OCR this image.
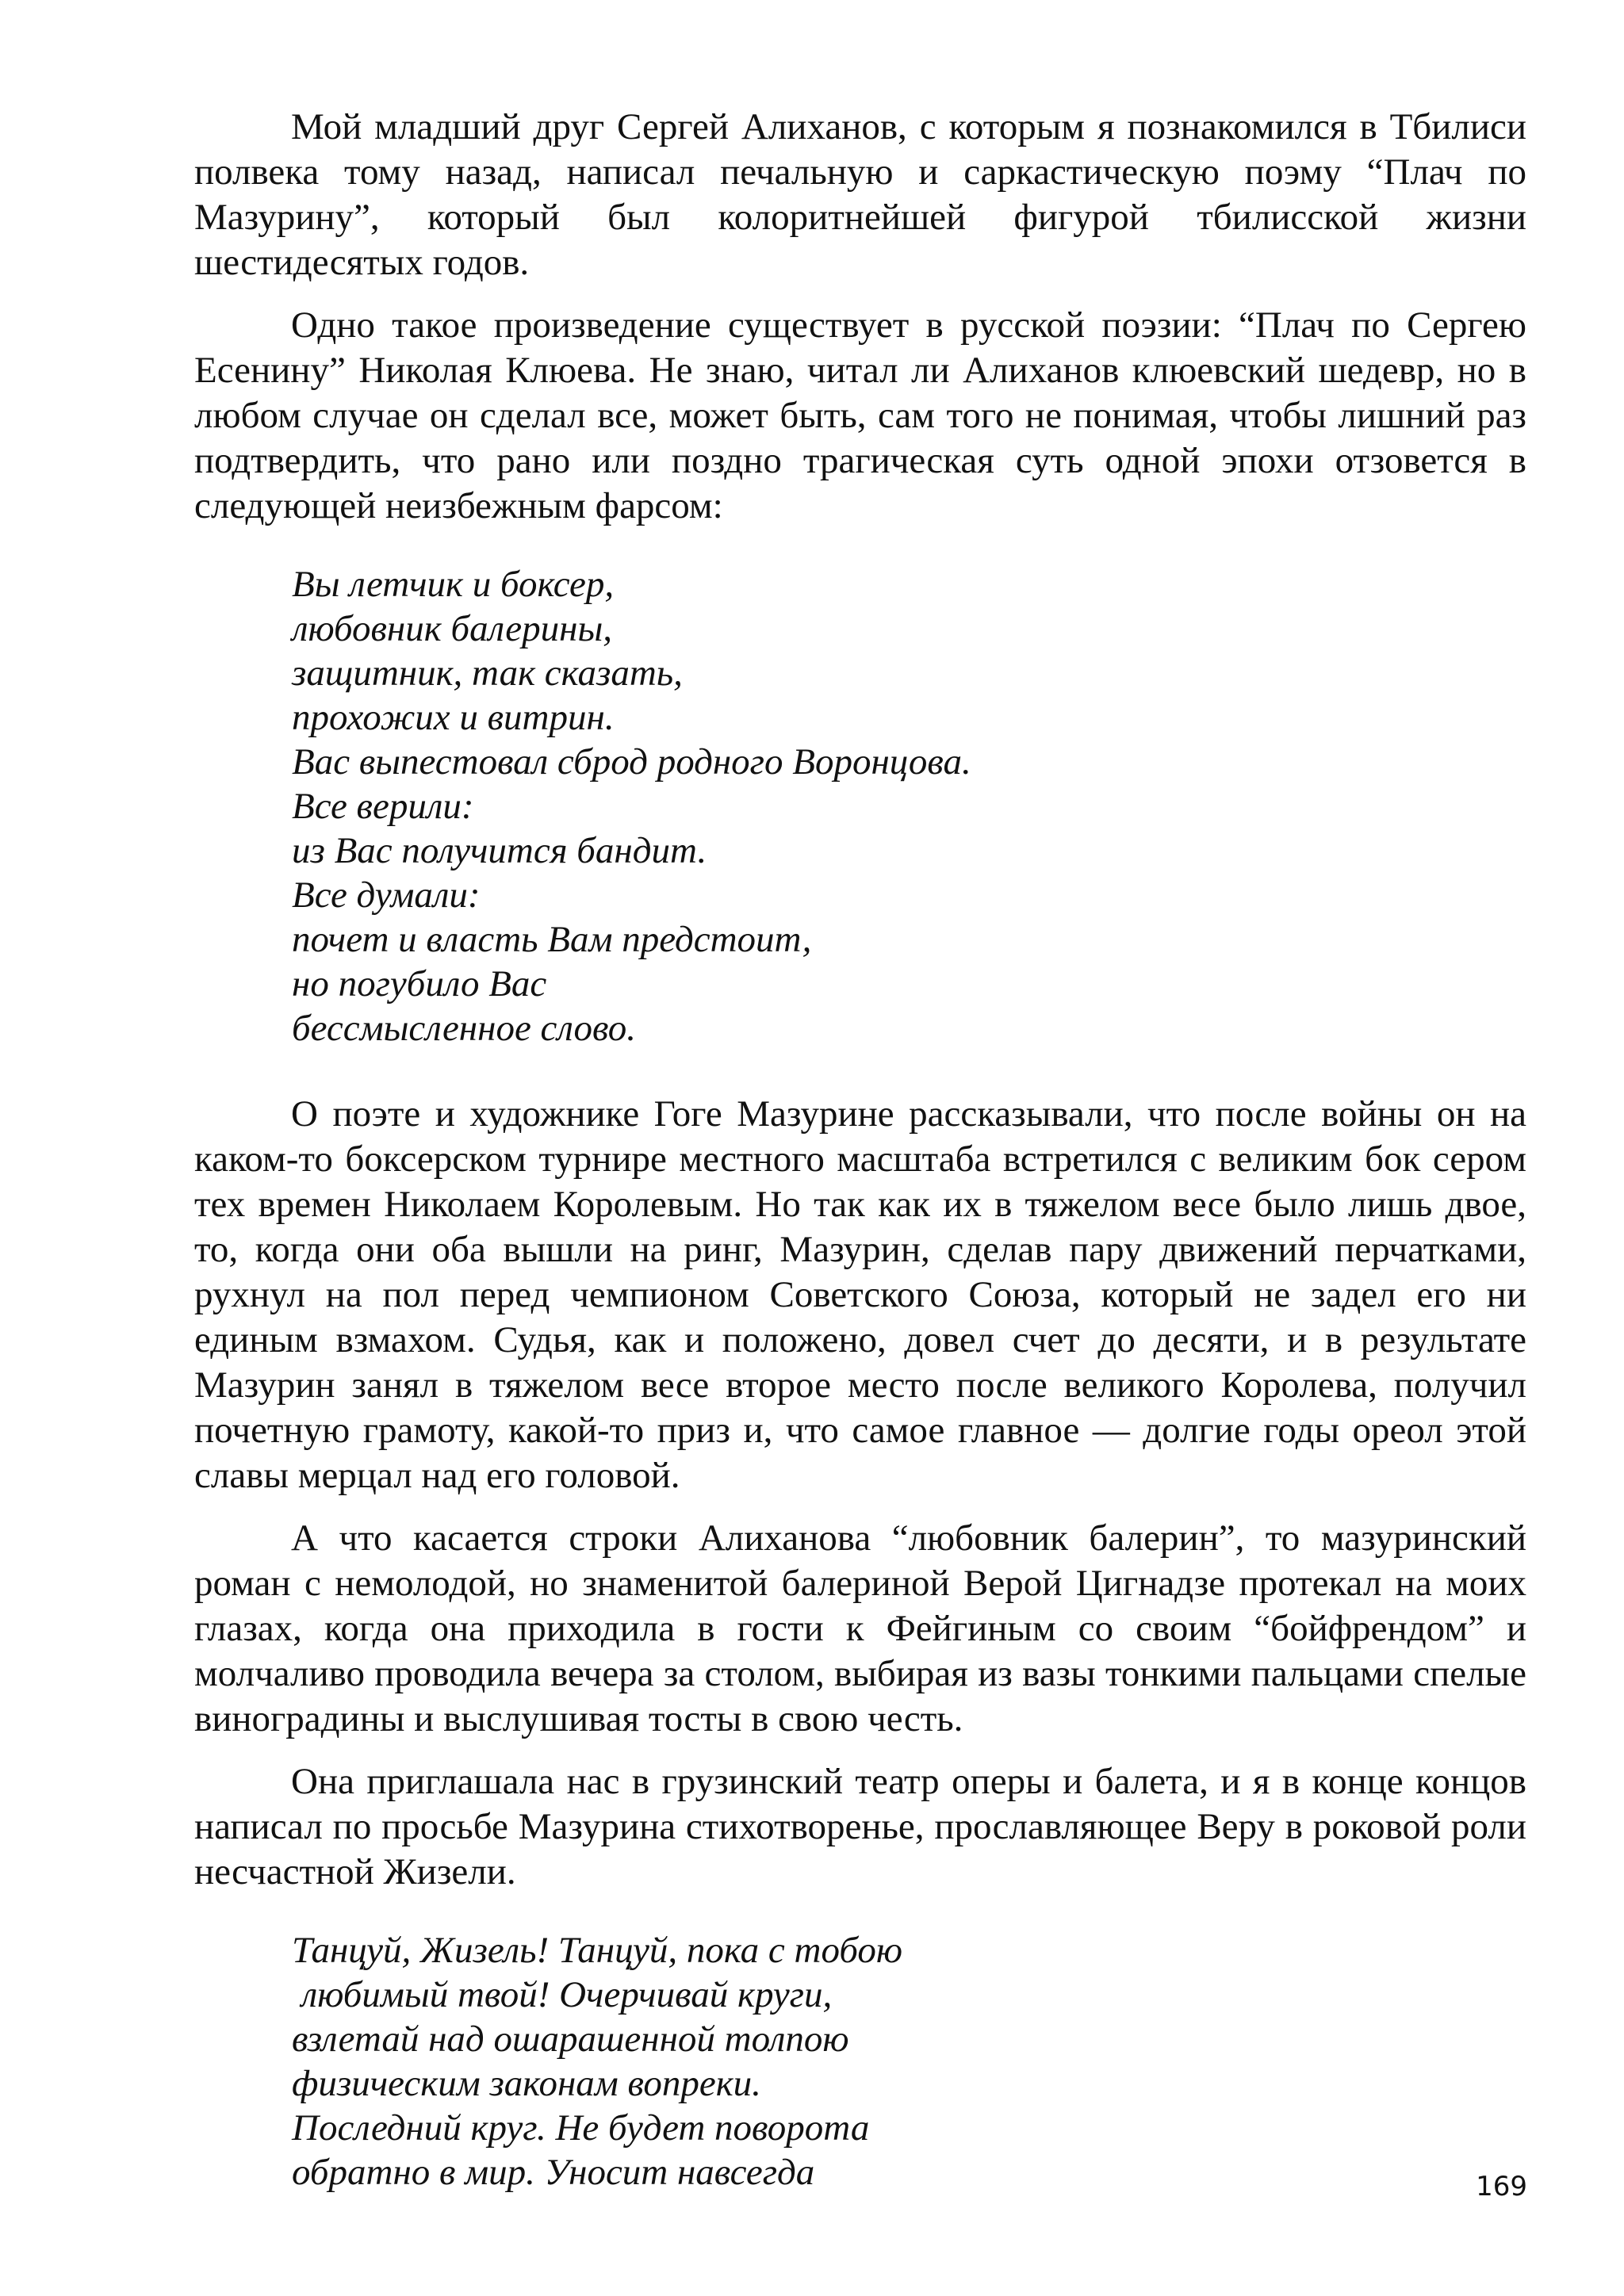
Мой младший друг Сергей Алиханов, с которым я познакомился в Тбилиси полвека тому назад, написал печальную и саркастическую поэму “Плач по Мазурину”, который был колоритнейшей фигурой тбилисской жизни шестидесятых годов.

Одно такое произведение существует в русской поэзии: “Плач по Сергею Есенину” Николая Клюева. Не знаю, читал ли Алиханов клюевский шедевр, но в любом случае он сделал все, может быть, сам того не понимая, чтобы лишний раз подтвердить, что рано или поздно трагическая суть одной эпохи отзовется в следующей неизбежным фарсом:

Вы летчик и боксер,
любовник балерины,
защитник, так сказать,
прохожих и витрин.
Вас выпестовал сброд родного Воронцова.
Все верили:
из Вас получится бандит.
Все думали:
почет и власть Вам предстоит,
но погубило Вас
бессмысленное слово.

О поэте и художнике Гоге Мазурине рассказывали, что после войны он на каком-то боксерском турнире местного масштаба встретился с великим бок сером тех времен Николаем Королевым. Но так как их в тяжелом весе было лишь двое, то, когда они оба вышли на ринг, Мазурин, сделав пару движений перчатками, рухнул на пол перед чемпионом Советского Союза, который не задел его ни единым взмахом. Судья, как и положено, довел счет до десяти, и в результате Мазурин занял в тяжелом весе второе место после великого Королева, получил почетную грамоту, какой-то приз и, что самое главное — долгие годы ореол этой славы мерцал над его головой.

А что касается строки Алиханова “любовник балерин”, то мазуринский роман с немолодой, но знаменитой балериной Верой Цигнадзе протекал на моих глазах, когда она приходила в гости к Фейгиным со своим “бойфрендом” и молчаливо проводила вечера за столом, выбирая из вазы тонкими пальцами спелые виноградины и выслушивая тосты в свою честь.

Она приглашала нас в грузинский театр оперы и балета, и я в конце концов написал по просьбе Мазурина стихотворенье, прославляющее Веру в роковой роли несчастной Жизели.

Танцуй, Жизель! Танцуй, пока с тобою
любимый твой! Очерчивай круги,
взлетай над ошарашенной толпою
физическим законам вопреки.
Последний круг. Не будет поворота
обратно в мир. Уносит навсегда	169
